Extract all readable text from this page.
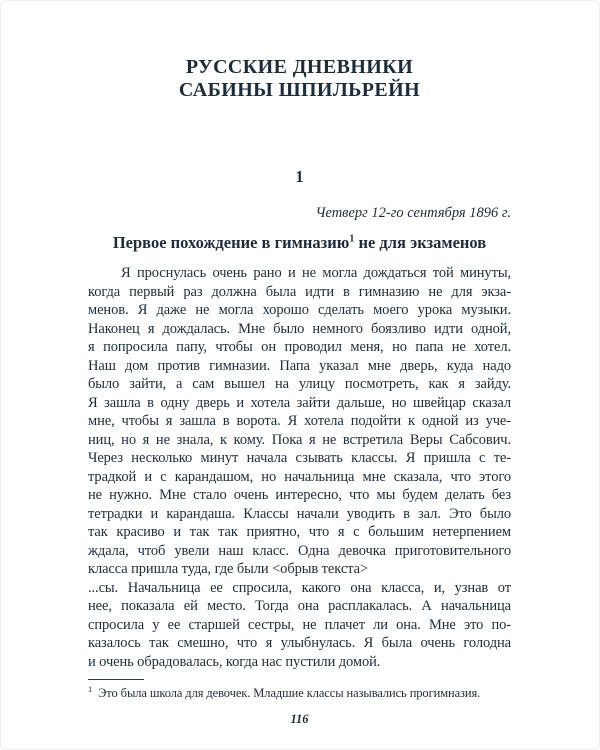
РУССКИЕ ДНЕВНИКИ
САБИНЫ ШПИЛЬРЕЙН
1
Четверг 12-го сентября 1896 г.
Первое похождение в гимназию$^1$ не для экзаменов
Я проснулась очень рано и не могла дождаться той минуты,
когда первый раз должна была идти в гимназию не для экза-
менов. Я даже не могла хорошо сделать моего урока музыки.
Наконец я дождалась. Мне было немного боязливо идти одной,
я попросила папу, чтобы он проводил меня, но папа не хотел.
Наш дом против гимназии. Папа указал мне дверь, куда надо
было зайти, а сам вышел на улицу посмотреть, как я зайду.
Я зашла в одну дверь и хотела зайти дальше, но швейцар сказал
мне, чтобы я зашла в ворота. Я хотела подойти к одной из уче-
ниц, но я не знала, к кому. Пока я не встретила Веры Сабсович.
Через несколько минут начала сзывать классы. Я пришла с те-
традкой и с карандашом, но начальница мне сказала, что этого
не нужно. Мне стало очень интересно, что мы будем делать без
тетрадки и карандаша. Классы начали уводить в зал. Это было
так красиво и так так приятно, что я с большим нетерпением
ждала, чтоб увели наш класс. Одна девочка приготовительного
класса пришла туда, где были <обрыв текста>
...сы. Начальница ее спросила, какого она класса, и, узнав от
нее, показала ей место. Тогда она расплакалась. А начальница
спросила у ее старшей сестры, не плачет ли она. Мне это по-
казалось так смешно, что я улыбнулась. Я была очень голодна
и очень обрадовалась, когда нас пустили домой.
$^1$ Это была школа для девочек. Младшие классы назывались прогимназия.
116
